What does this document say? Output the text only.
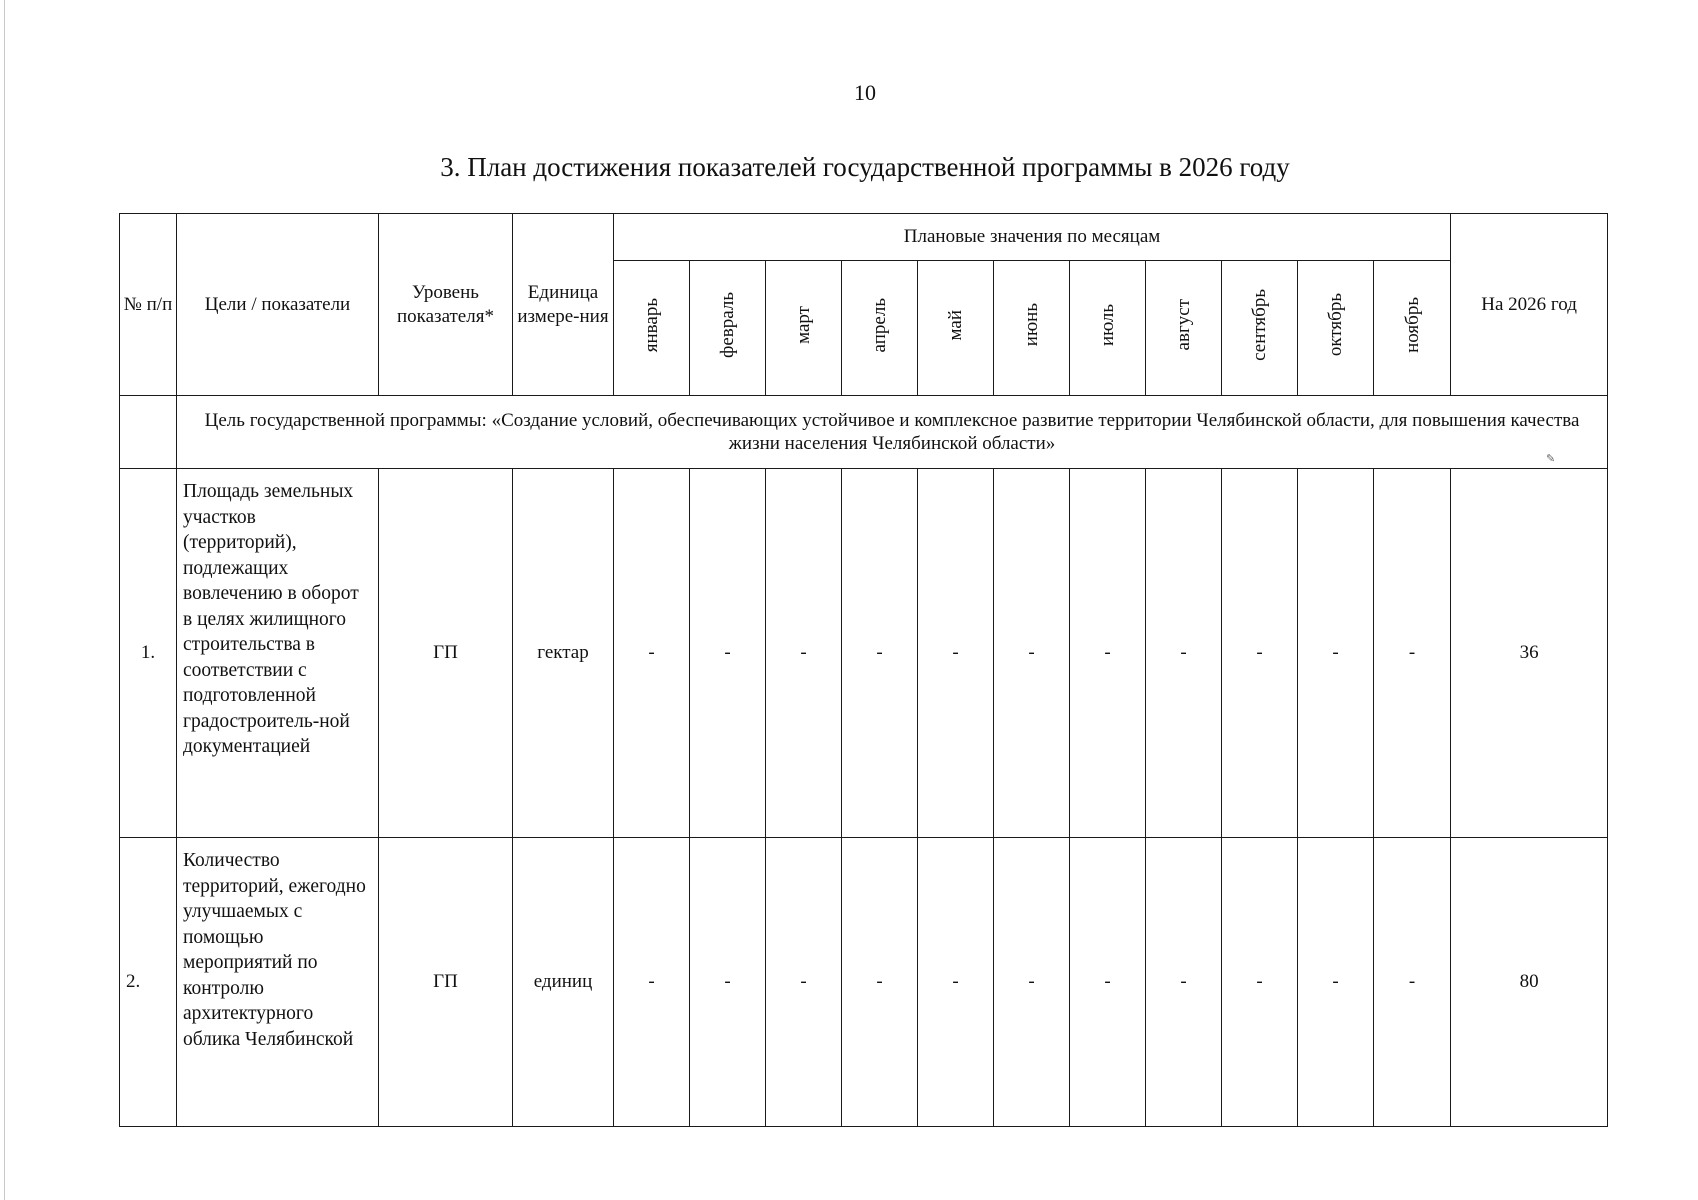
10
3. План достижения показателей государственной программы в 2026 году
№ п/п	Цели / показатели	Уровень показателя*	Единица измере-ния	Плановые значения по месяцам											На 2026 год
				январь	февраль	март	апрель	май	июнь	июль	август	сентябрь	октябрь	ноябрь	
	Цель государственной программы: «Создание условий, обеспечивающих устойчивое и комплексное развитие территории Челябинской области, для повышения качества жизни населения Челябинской области»														
1.	Площадь земельных участков (территорий), подлежащих вовлечению в оборот в целях жилищного строительства в соответствии с подготовленной градостроитель-ной документацией	ГП	гектар	-	-	-	-	-	-	-	-	-	-	-	36
2.	Количество территорий, ежегодно улучшаемых с помощью мероприятий по контролю архитектурного облика Челябинской	ГП	единиц	-	-	-	-	-	-	-	-	-	-	-	80
✎
